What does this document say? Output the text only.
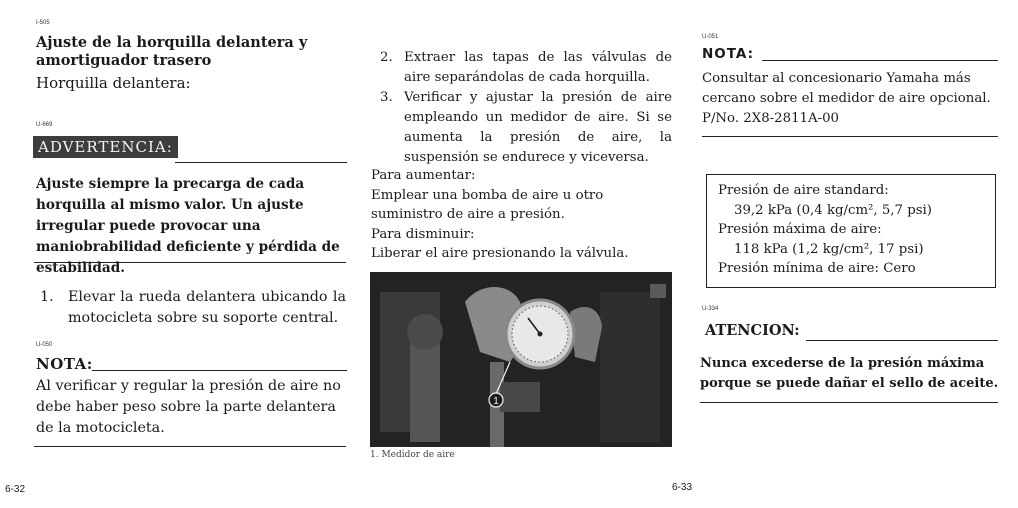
I-505
Ajuste de la horquilla delantera y amortiguador trasero
Horquilla delantera:
U-669
ADVERTENCIA:
Ajuste siempre la precarga de cada horquilla al mismo valor. Un ajuste irregular puede provocar una maniobrabilidad deficiente y pérdida de estabilidad.
1.	Elevar la rueda delantera ubicando la motocicleta sobre su soporte central.
U-050
NOTA:
Al verificar y regular la presión de aire no debe haber peso sobre la parte delantera de la motocicleta.
6-32
2. Extraer las tapas de las válvulas de aire separándolas de cada horquilla.
3. Verificar y ajustar la presión de aire empleando un medidor de aire. Si se aumenta la presión de aire, la suspensión se endurece y viceversa.
Para aumentar:
Emplear una bomba de aire u otro suministro de aire a presión.
Para disminuir:
Liberar el aire presionando la válvula.
1
1. Medidor de aire
6-33
U-051
NOTA:
Consultar al concesionario Yamaha más cercano sobre el medidor de aire opcional.
P/No. 2X8-2811A-00
Presión de aire standard:
39,2 kPa (0,4 kg/cm², 5,7 psi)
Presión máxima de aire:
118 kPa (1,2 kg/cm², 17 psi)
Presión mínima de aire: Cero
U-334
ATENCION:
Nunca excederse de la presión máxima porque se puede dañar el sello de aceite.
